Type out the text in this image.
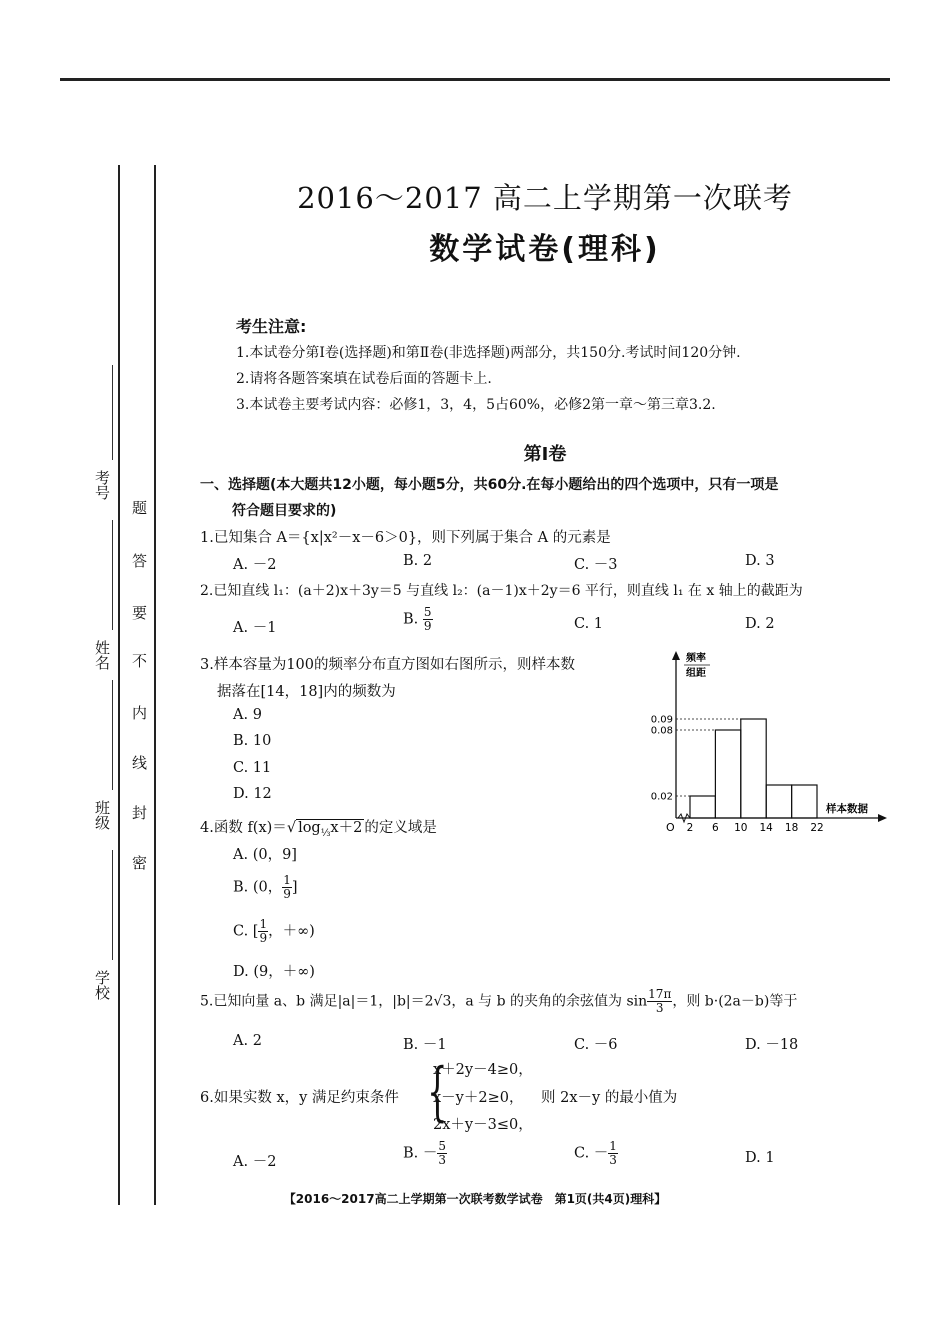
考号
姓名
班级
学校
题
答
要
不
内
线
封
密
2016～2017 高二上学期第一次联考
数学试卷(理科)
考生注意:
1.本试卷分第Ⅰ卷(选择题)和第Ⅱ卷(非选择题)两部分，共150分.考试时间120分钟.
2.请将各题答案填在试卷后面的答题卡上.
3.本试卷主要考试内容：必修1，3，4，5占60%，必修2第一章～第三章3.2.
第Ⅰ卷
一、选择题(本大题共12小题，每小题5分，共60分.在每小题给出的四个选项中，只有一项是
符合题目要求的)
1.已知集合 A＝{x|x²－x－6＞0}，则下列属于集合 A 的元素是
A. －2	B. 2	C. －3	D. 3
2.已知直线 l₁：(a＋2)x＋3y＝5 与直线 l₂：(a－1)x＋2y＝6 平行，则直线 l₁ 在 x 轴上的截距为
A. －1
B. $\frac{5}{9}$	C. 1	D. 2
3.样本容量为100的频率分布直方图如右图所示，则样本数
据落在[14，18]内的频数为
A. 9
B. 10
C. 11
D. 12
频率
组距
样本数据
O 2 6 10 14 18 22
0.02
0.08
0.09
4.函数 f(x)＝√ $\log_{\frac{1}{3}}x+2$ 的定义域是
A. (0，9]
B. (0， $\frac{1}{9}$ ]
C. [ $\frac{1}{9}$ ，＋∞)
D. (9，＋∞)
5.已知向量 a、b 满足|a|＝1，|b|＝2√3，a 与 b 的夹角的余弦值为 $\sin \frac{17\pi}{3}$ ，则 b·(2a－b)等于
A. 2	B. －1	C. －6	D. －18
6.如果实数 x，y 满足约束条件 {
x＋2y－4≥0，
x－y＋2≥0，
2x＋y－3≤0，
则 2x－y 的最小值为
A. －2
B. － $\frac{5}{3}$	C. － $\frac{1}{3}$	D. 1
【2016～2017高二上学期第一次联考数学试卷　第1页(共4页)理科】
